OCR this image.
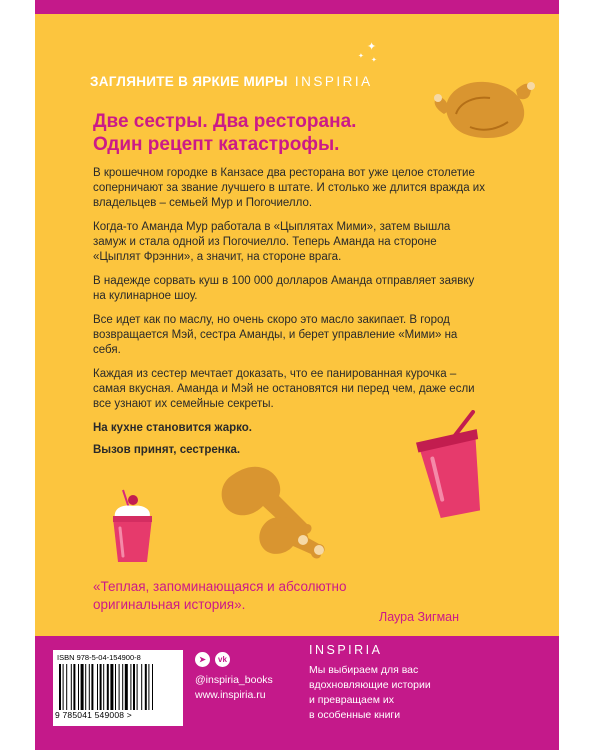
✦
✦
✦
ЗАГЛЯНИТЕ В ЯРКИЕ МИРЫ INSPIRIA
Две сестры. Два ресторана.
Один рецепт катастрофы.

В крошечном городке в Канзасе два ресторана вот уже целое столетие соперничают за звание лучшего в штате. И столько же длится вражда их владельцев – семьей Мур и Погочиелло.

Когда-то Аманда Мур работала в «Цыплятах Мими», затем вышла замуж и стала одной из Погочиелло. Теперь Аманда на стороне «Цыплят Фрэнни», а значит, на стороне врага.

В надежде сорвать куш в 100 000 долларов Аманда отправляет заявку на кулинарное шоу.

Все идет как по маслу, но очень скоро это масло закипает. В город возвращается Мэй, сестра Аманды, и берет управление «Мими» на себя.

Каждая из сестер мечтает доказать, что ее панированная курочка – самая вкусная. Аманда и Мэй не остановятся ни перед чем, даже если все узнают их семейные секреты.

На кухне становится жарко.

Вызов принят, сестренка.

«Теплая, запоминающаяся и абсолютно
оригинальная история».
Лаура Зигман
ISBN 978-5-04-154900-8
9 785041 549008 >
➤	vk
@inspiria_books
www.inspiria.ru
INSPIRIA
Мы выбираем для вас
вдохновляющие истории
и превращаем их
в особенные книги
